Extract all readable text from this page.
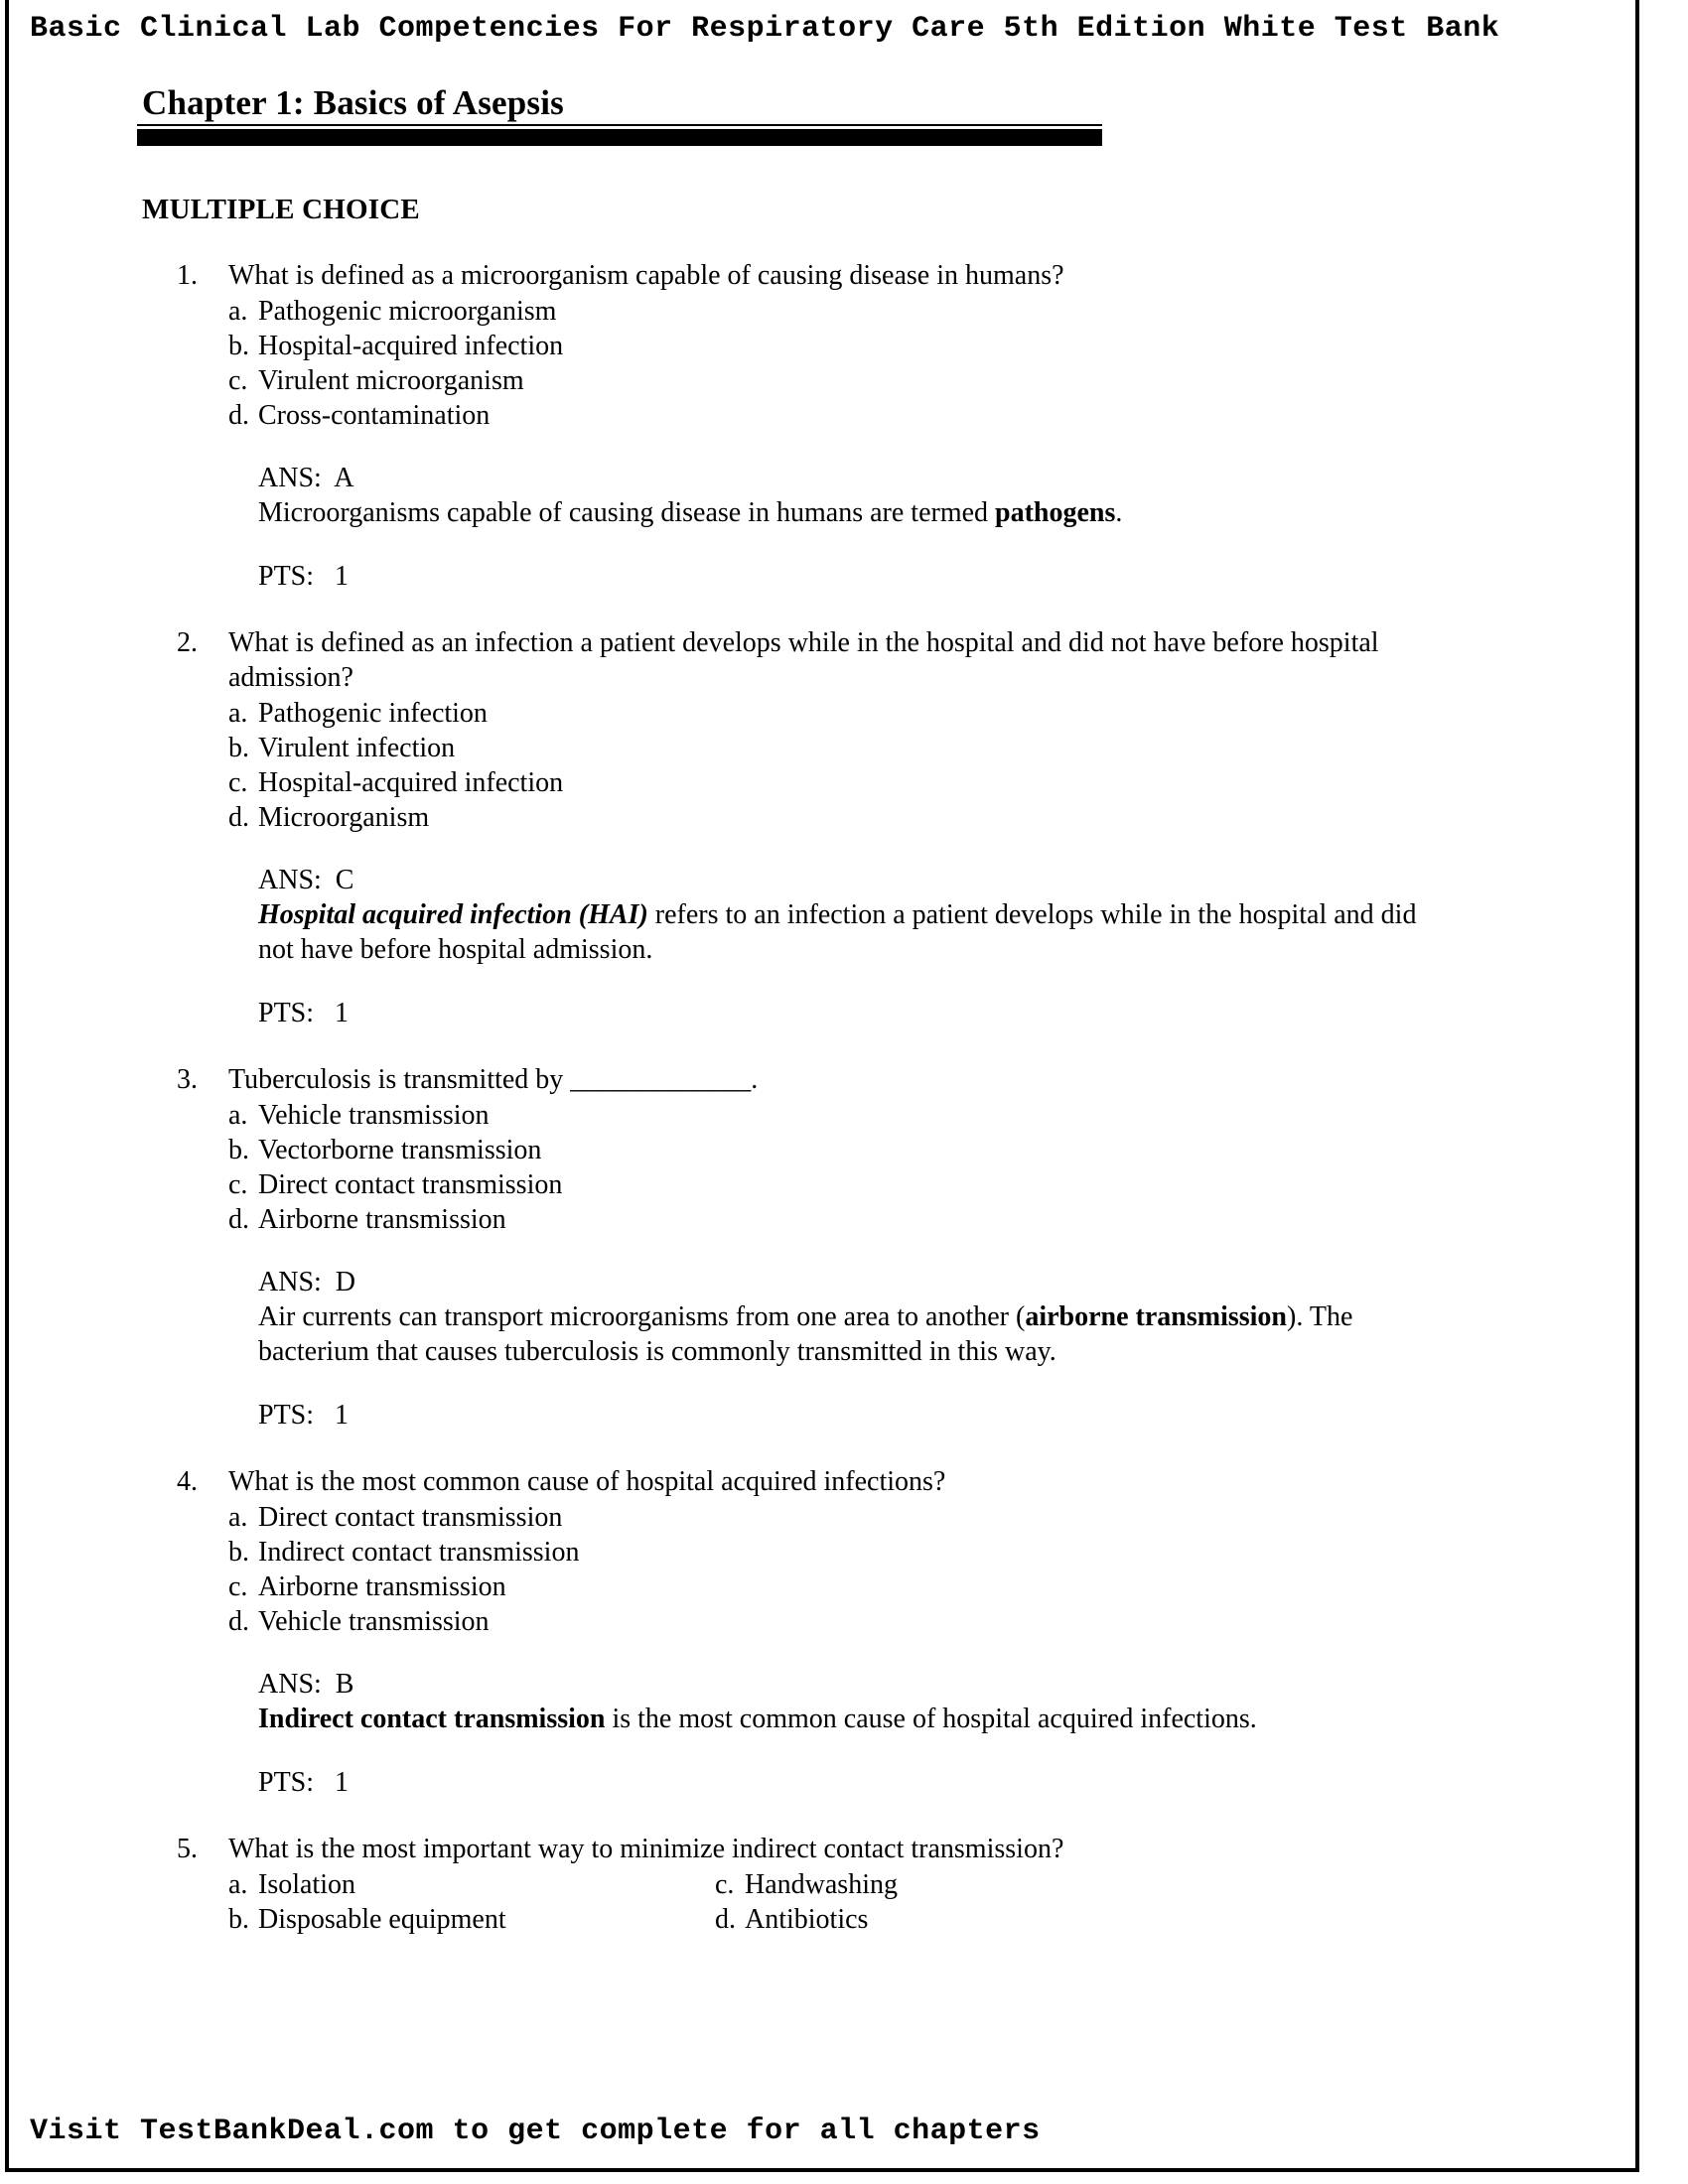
Basic Clinical Lab Competencies For Respiratory Care 5th Edition White Test Bank
Chapter 1: Basics of Asepsis
MULTIPLE CHOICE
1. What is defined as a microorganism capable of causing disease in humans?
a. Pathogenic microorganism
b. Hospital-acquired infection
c. Virulent microorganism
d. Cross-contamination
ANS: A
Microorganisms capable of causing disease in humans are termed pathogens.
PTS: 1
2. What is defined as an infection a patient develops while in the hospital and did not have before hospital admission?
a. Pathogenic infection
b. Virulent infection
c. Hospital-acquired infection
d. Microorganism
ANS: C
Hospital acquired infection (HAI) refers to an infection a patient develops while in the hospital and did not have before hospital admission.
PTS: 1
3. Tuberculosis is transmitted by _____________.
a. Vehicle transmission
b. Vectorborne transmission
c. Direct contact transmission
d. Airborne transmission
ANS: D
Air currents can transport microorganisms from one area to another (airborne transmission). The bacterium that causes tuberculosis is commonly transmitted in this way.
PTS: 1
4. What is the most common cause of hospital acquired infections?
a. Direct contact transmission
b. Indirect contact transmission
c. Airborne transmission
d. Vehicle transmission
ANS: B
Indirect contact transmission is the most common cause of hospital acquired infections.
PTS: 1
5. What is the most important way to minimize indirect contact transmission?
a. Isolation	c. Handwashing
b. Disposable equipment	d. Antibiotics
Visit TestBankDeal.com to get complete for all chapters
